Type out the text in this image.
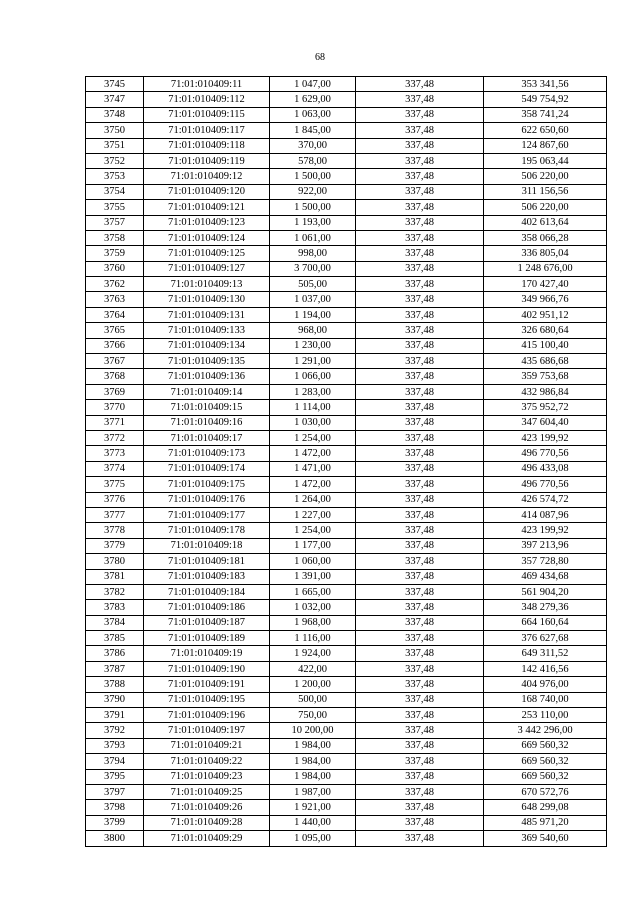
68
3745	71:01:010409:11	1 047,00	337,48	353 341,56
3747	71:01:010409:112	1 629,00	337,48	549 754,92
3748	71:01:010409:115	1 063,00	337,48	358 741,24
3750	71:01:010409:117	1 845,00	337,48	622 650,60
3751	71:01:010409:118	370,00	337,48	124 867,60
3752	71:01:010409:119	578,00	337,48	195 063,44
3753	71:01:010409:12	1 500,00	337,48	506 220,00
3754	71:01:010409:120	922,00	337,48	311 156,56
3755	71:01:010409:121	1 500,00	337,48	506 220,00
3757	71:01:010409:123	1 193,00	337,48	402 613,64
3758	71:01:010409:124	1 061,00	337,48	358 066,28
3759	71:01:010409:125	998,00	337,48	336 805,04
3760	71:01:010409:127	3 700,00	337,48	1 248 676,00
3762	71:01:010409:13	505,00	337,48	170 427,40
3763	71:01:010409:130	1 037,00	337,48	349 966,76
3764	71:01:010409:131	1 194,00	337,48	402 951,12
3765	71:01:010409:133	968,00	337,48	326 680,64
3766	71:01:010409:134	1 230,00	337,48	415 100,40
3767	71:01:010409:135	1 291,00	337,48	435 686,68
3768	71:01:010409:136	1 066,00	337,48	359 753,68
3769	71:01:010409:14	1 283,00	337,48	432 986,84
3770	71:01:010409:15	1 114,00	337,48	375 952,72
3771	71:01:010409:16	1 030,00	337,48	347 604,40
3772	71:01:010409:17	1 254,00	337,48	423 199,92
3773	71:01:010409:173	1 472,00	337,48	496 770,56
3774	71:01:010409:174	1 471,00	337,48	496 433,08
3775	71:01:010409:175	1 472,00	337,48	496 770,56
3776	71:01:010409:176	1 264,00	337,48	426 574,72
3777	71:01:010409:177	1 227,00	337,48	414 087,96
3778	71:01:010409:178	1 254,00	337,48	423 199,92
3779	71:01:010409:18	1 177,00	337,48	397 213,96
3780	71:01:010409:181	1 060,00	337,48	357 728,80
3781	71:01:010409:183	1 391,00	337,48	469 434,68
3782	71:01:010409:184	1 665,00	337,48	561 904,20
3783	71:01:010409:186	1 032,00	337,48	348 279,36
3784	71:01:010409:187	1 968,00	337,48	664 160,64
3785	71:01:010409:189	1 116,00	337,48	376 627,68
3786	71:01:010409:19	1 924,00	337,48	649 311,52
3787	71:01:010409:190	422,00	337,48	142 416,56
3788	71:01:010409:191	1 200,00	337,48	404 976,00
3790	71:01:010409:195	500,00	337,48	168 740,00
3791	71:01:010409:196	750,00	337,48	253 110,00
3792	71:01:010409:197	10 200,00	337,48	3 442 296,00
3793	71:01:010409:21	1 984,00	337,48	669 560,32
3794	71:01:010409:22	1 984,00	337,48	669 560,32
3795	71:01:010409:23	1 984,00	337,48	669 560,32
3797	71:01:010409:25	1 987,00	337,48	670 572,76
3798	71:01:010409:26	1 921,00	337,48	648 299,08
3799	71:01:010409:28	1 440,00	337,48	485 971,20
3800	71:01:010409:29	1 095,00	337,48	369 540,60
